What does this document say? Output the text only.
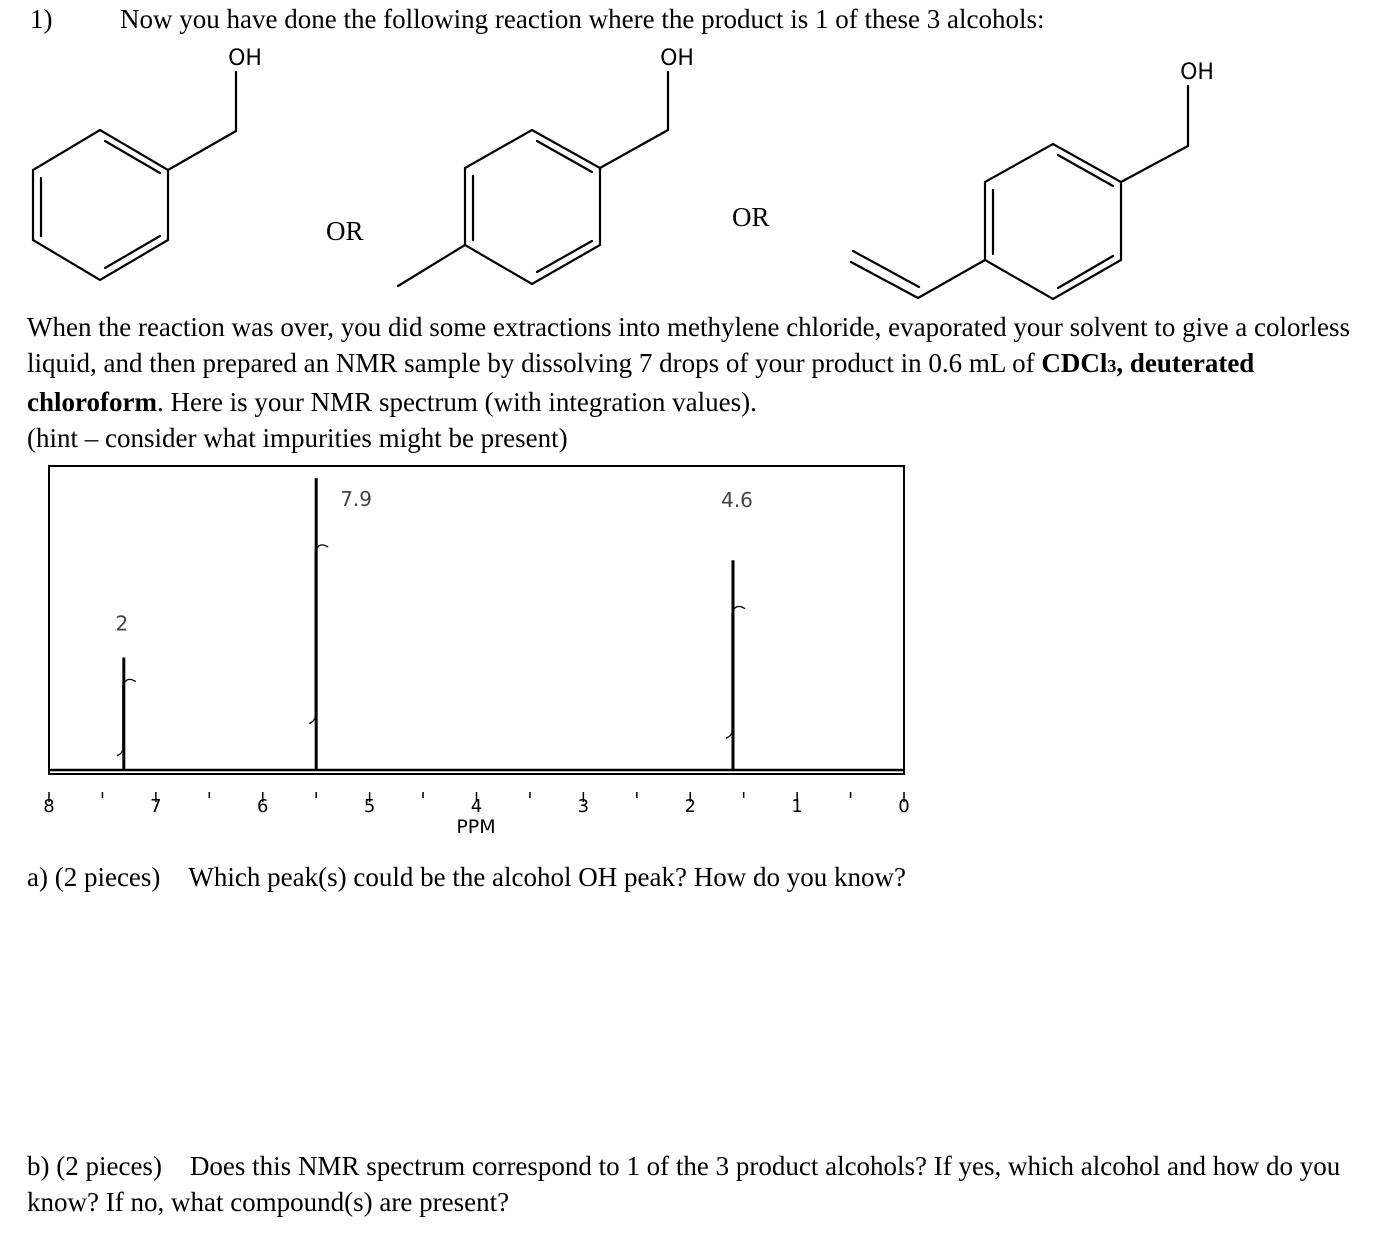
1)	Now you have done the following reaction where the product is 1 of these 3 alcohols:
OH	OH
OH
OR	OR
When the reaction was over, you did some extractions into methylene chloride, evaporated your solvent to give a colorless liquid, and then prepared an NMR sample by dissolving 7 drops of your product in 0.6 mL of CDCl3, deuterated chloroform. Here is your NMR spectrum (with integration values).
(hint – consider what impurities might be present)
8	7	6	5	4	3	2	1	0
2
7.9	4.6
PPM
a) (2 pieces) Which peak(s) could be the alcohol OH peak? How do you know?
b) (2 pieces) Does this NMR spectrum correspond to 1 of the 3 product alcohols? If yes, which alcohol and how do you know? If no, what compound(s) are present?
